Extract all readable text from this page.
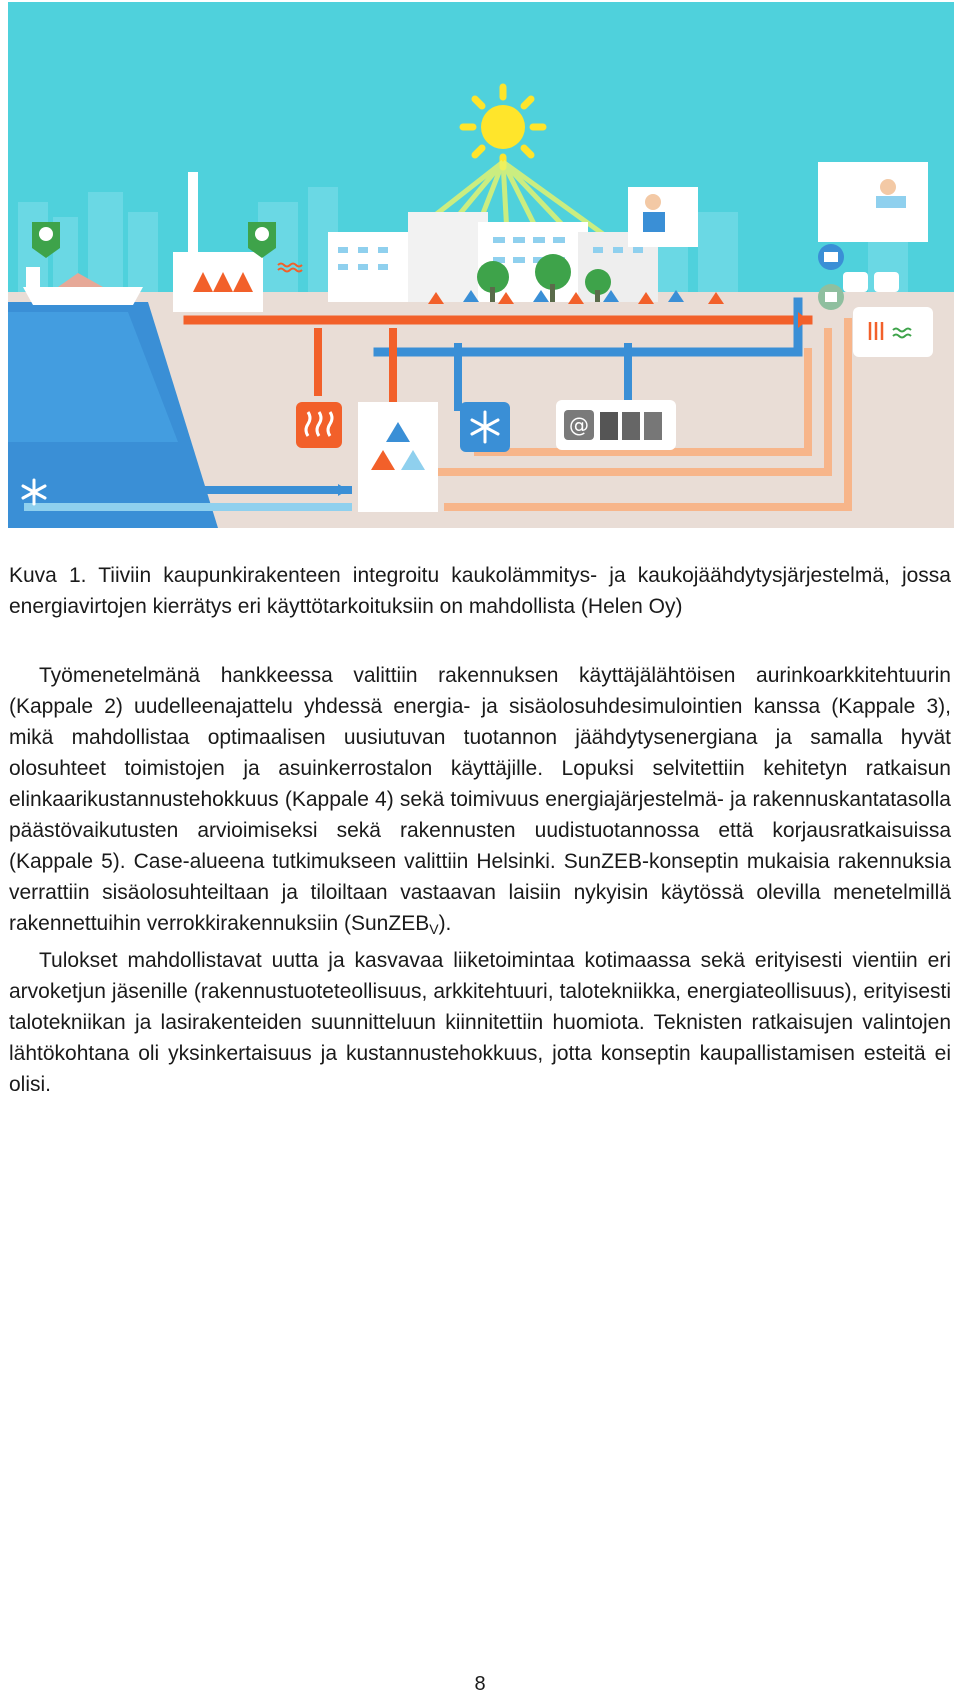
@
Kuva 1. Tiiviin kaupunkirakenteen integroitu kaukolämmitys- ja kaukojäähdytysjärjestelmä, jossa energiavirtojen kierrätys eri käyttötarkoituksiin on mahdollista (Helen Oy)

Työmenetelmänä hankkeessa valittiin rakennuksen käyttäjälähtöisen aurinkoarkkitehtuurin (Kappale 2) uudelleenajattelu yhdessä energia- ja sisäolosuhdesimulointien kanssa (Kappale 3), mikä mahdollistaa optimaalisen uusiutuvan tuotannon jäähdytysenergiana ja samalla hyvät olosuhteet toimistojen ja asuinkerrostalon käyttäjille. Lopuksi selvitettiin kehitetyn ratkaisun elinkaarikustannustehokkuus (Kappale 4) sekä toimivuus energiajärjestelmä- ja rakennuskantatasolla päästövaikutusten arvioimiseksi sekä rakennusten uudistuotannossa että korjausratkaisuissa (Kappale 5). Case-alueena tutkimukseen valittiin Helsinki. SunZEB-konseptin mukaisia rakennuksia verrattiin sisäolosuhteiltaan ja tiloiltaan vastaavan laisiin nykyisin käytössä olevilla menetelmillä rakennettuihin verrokkirakennuksiin (SunZEB$_V$).

Tulokset mahdollistavat uutta ja kasvavaa liiketoimintaa kotimaassa sekä erityisesti vientiin eri arvoketjun jäsenille (rakennustuoteteollisuus, arkkitehtuuri, talotekniikka, energiateollisuus), erityisesti talotekniikan ja lasirakenteiden suunnitteluun kiinnitettiin huomiota. Teknisten ratkaisujen valintojen lähtökohtana oli yksinkertaisuus ja kustannustehokkuus, jotta konseptin kaupallistamisen esteitä ei olisi.

8
